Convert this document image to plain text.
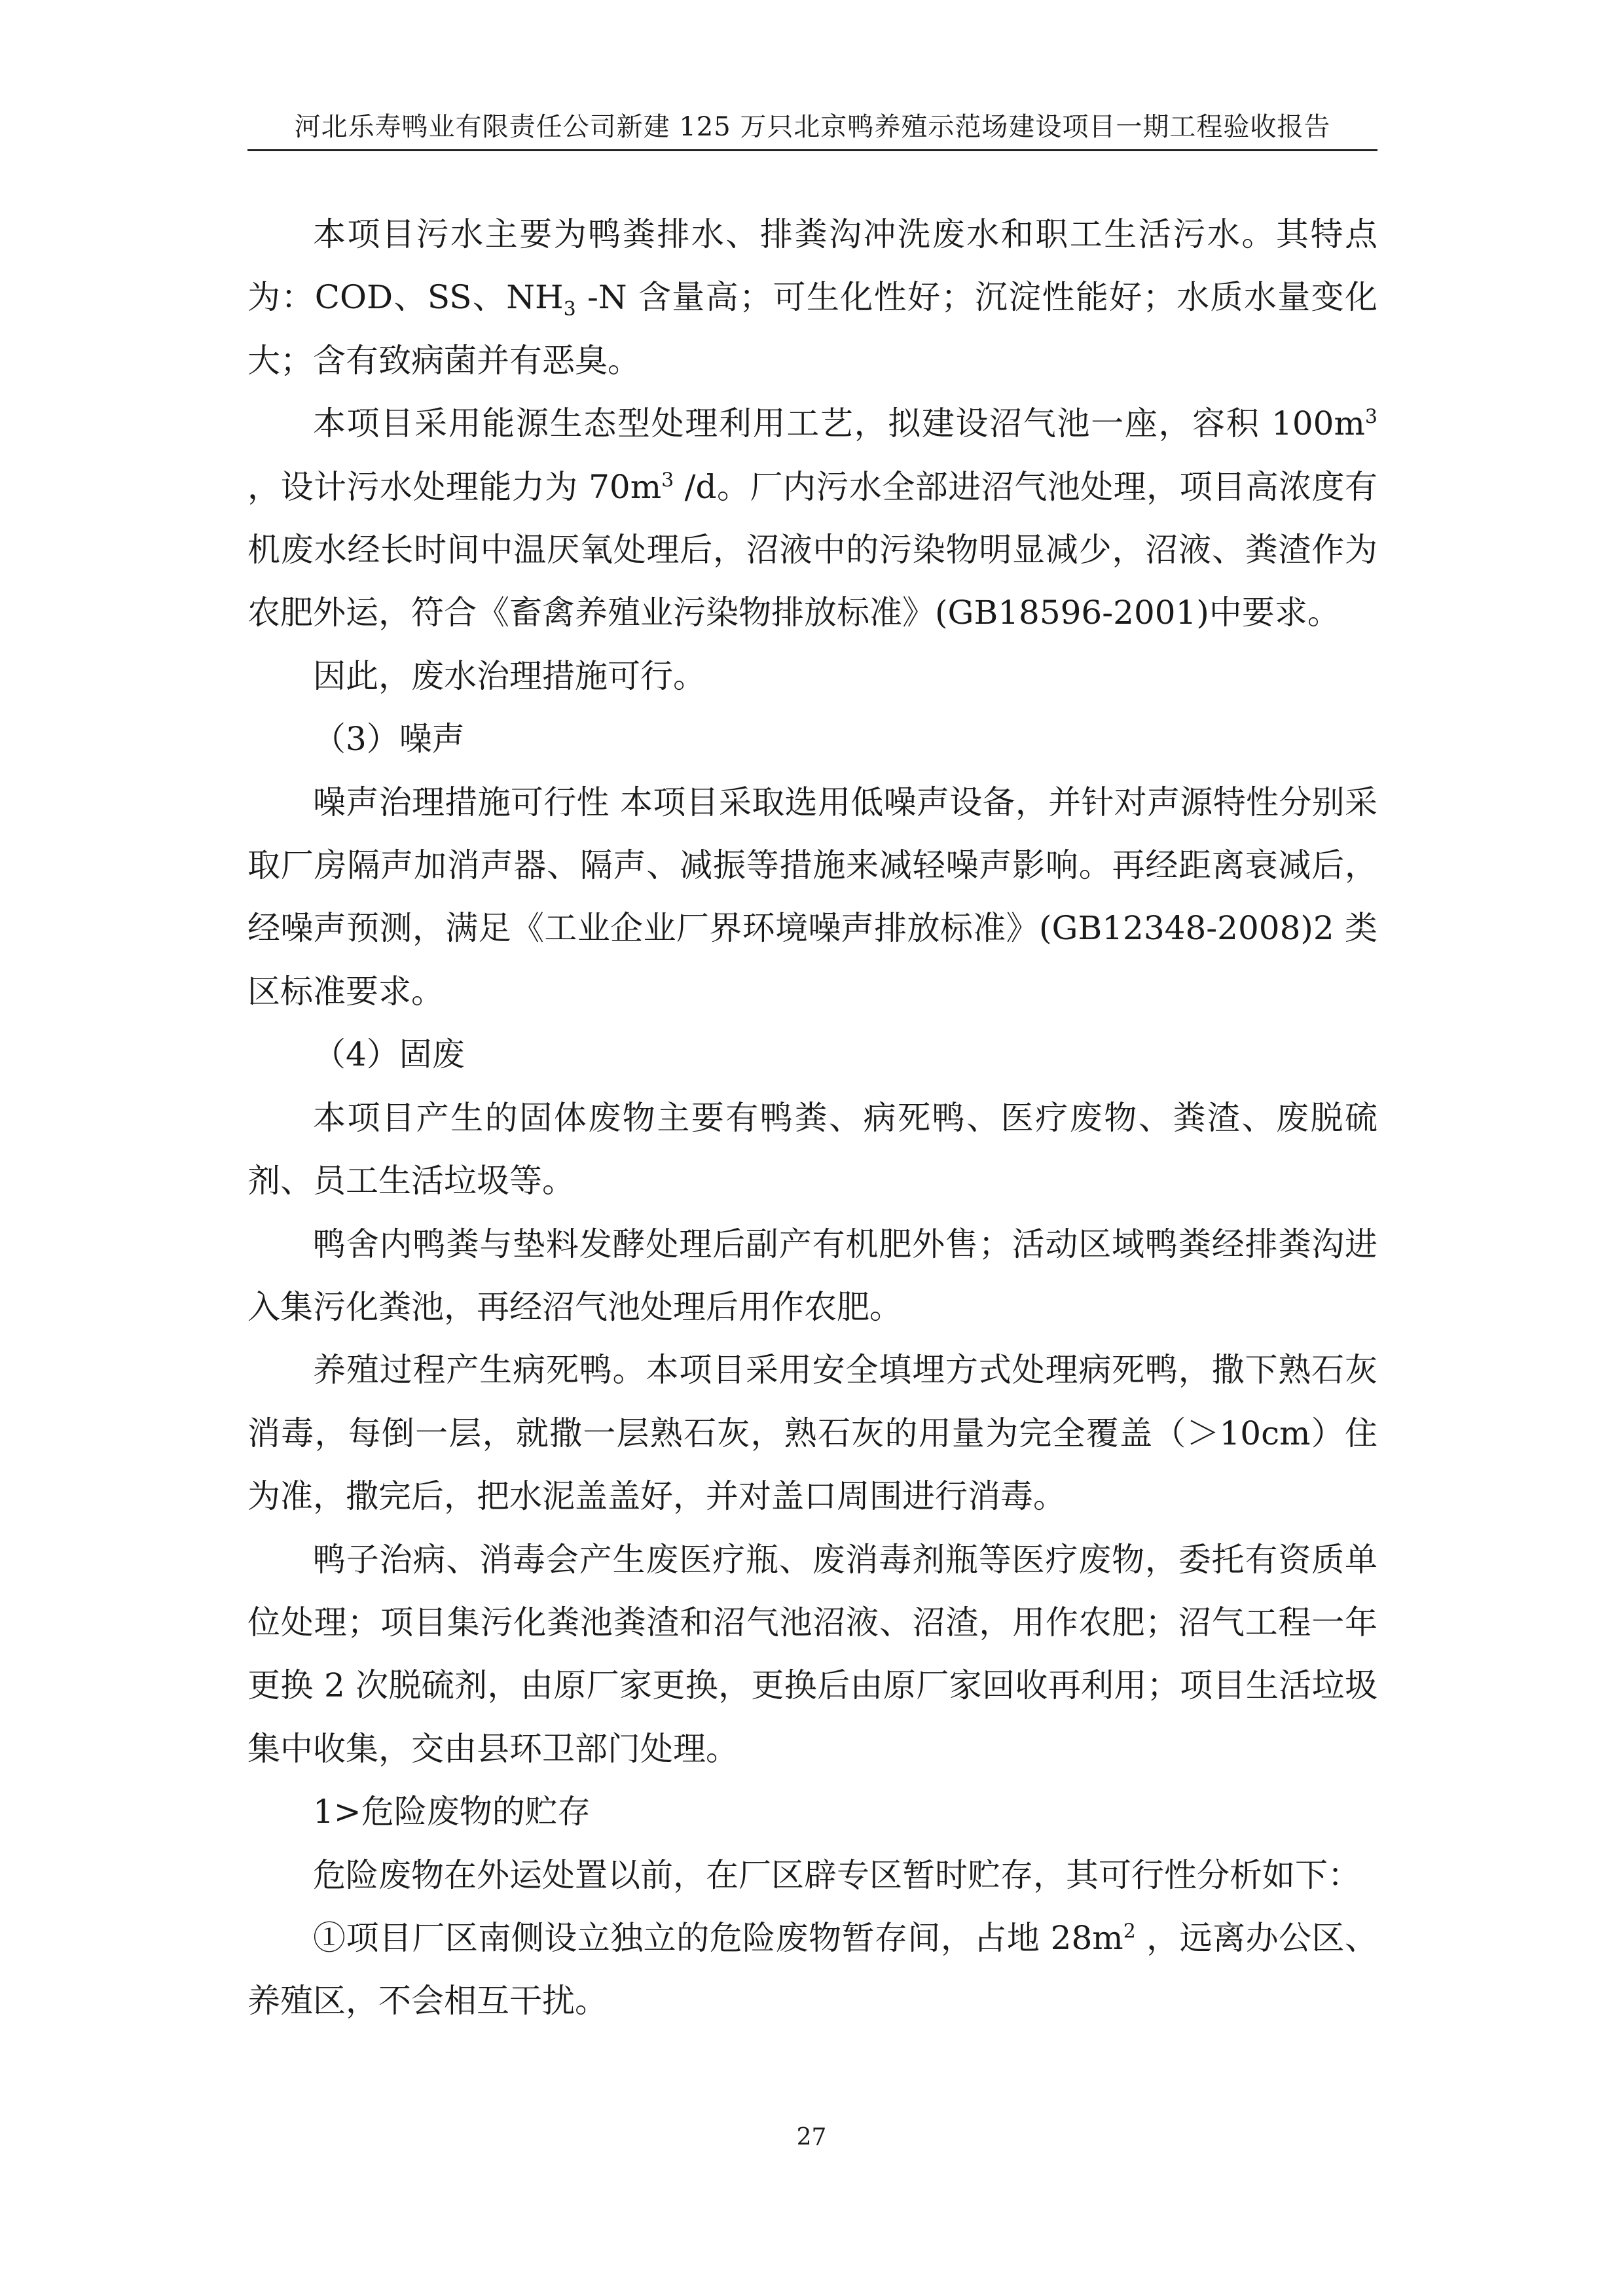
河北乐寿鸭业有限责任公司新建 125 万只北京鸭养殖示范场建设项目一期工程验收报告

本项目污水主要为鸭粪排水、排粪沟冲洗废水和职工生活污水。其特点为：COD、SS、$NH_3$ -N 含量高；可生化性好；沉淀性能好；水质水量变化大；含有致病菌并有恶臭。

本项目采用能源生态型处理利用工艺，拟建设沼气池一座，容积 $100m^3$ ，设计污水处理能力为 $70m^3$ /d。厂内污水全部进沼气池处理，项目高浓度有机废水经长时间中温厌氧处理后，沼液中的污染物明显减少，沼液、粪渣作为农肥外运，符合《畜禽养殖业污染物排放标准》(GB18596-2001)中要求。

因此，废水治理措施可行。

（3）噪声

噪声治理措施可行性 本项目采取选用低噪声设备，并针对声源特性分别采取厂房隔声加消声器、隔声、减振等措施来减轻噪声影响。再经距离衰减后，经噪声预测，满足《工业企业厂界环境噪声排放标准》(GB12348-2008)2 类区标准要求。

（4）固废

本项目产生的固体废物主要有鸭粪、病死鸭、医疗废物、粪渣、废脱硫剂、员工生活垃圾等。

鸭舍内鸭粪与垫料发酵处理后副产有机肥外售；活动区域鸭粪经排粪沟进入集污化粪池，再经沼气池处理后用作农肥。

养殖过程产生病死鸭。本项目采用安全填埋方式处理病死鸭，撒下熟石灰消毒，每倒一层，就撒一层熟石灰，熟石灰的用量为完全覆盖（＞10cm）住为准，撒完后，把水泥盖盖好，并对盖口周围进行消毒。

鸭子治病、消毒会产生废医疗瓶、废消毒剂瓶等医疗废物，委托有资质单位处理；项目集污化粪池粪渣和沼气池沼液、沼渣，用作农肥；沼气工程一年更换 2 次脱硫剂，由原厂家更换，更换后由原厂家回收再利用；项目生活垃圾集中收集，交由县环卫部门处理。

1>危险废物的贮存

危险废物在外运处置以前，在厂区辟专区暂时贮存，其可行性分析如下：

①项目厂区南侧设立独立的危险废物暂存间，占地 $28m^2$ ，远离办公区、养殖区，不会相互干扰。

27
